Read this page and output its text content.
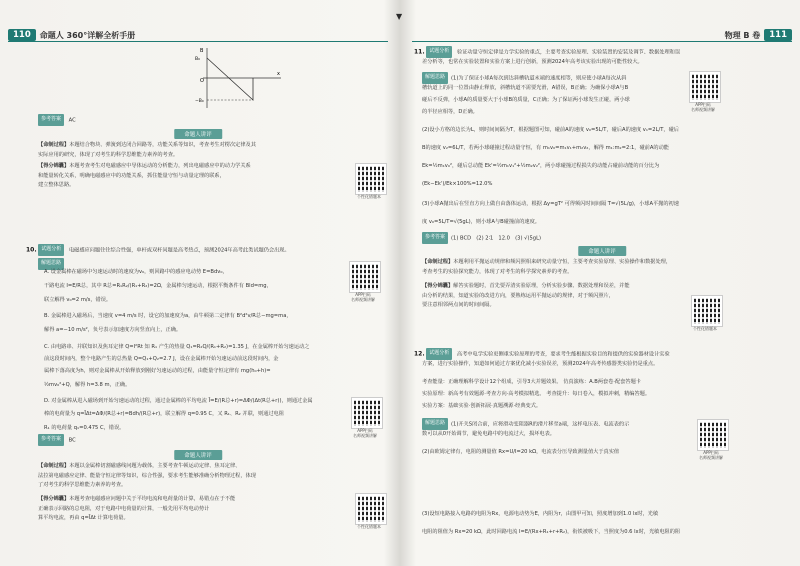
▼
110	命题人 360°详解全析手册
B
O
x
B₀
−B₀
参考答案 AC
命题人讲评
【命制过程】本题结合物块、弹簧到达闭合回路等，功能关系等知识，考查考生对楞次定律及其
实际应用的研究，体现了对考生的科学思维能力素养的考查。
【得分锦囊】本题考查考生对电磁感应中导体运动的分析能力，列出电磁感应中的动力学关系
和能量转化关系，明确电磁感应中的功能关系，抓住能量守恒与动量定理的联系，
建立整体思路。
个性化错题本
10. 试题分析 电磁感应问题往往综合性强，单杆或双杆问题是高考热点，预测2024年高考此类试题仍会出现。
解题思路
APP扫码
名师视频讲解
A. 设金属棒在磁场中匀速运动时的速度为v₀，则回路中的感应电动势 E=Bdv₀，
干路电流 I=E/R总，其中 R总=R₁R₂/(R₁+R₂)=2Ω，金属棒匀速运动，根据平衡条件有 Bld=mg，
联立解得 v₀=2 m/s，错误。
B. 金属棒进入磁场后，当速度 v=4 m/s 时，设它的加速度为a，由牛顿第二定律有 B²d²v/R总−mg=ma，
解得 a=−10 m/s²，负号表示加速度方向竖直向上，正确。
C. 由电路串、并联知识及焦耳定律 Q=I²Rt 知 R₁ 产生的热量 Q₁=R₂Q/(R₁+R₂)=1.35 J，在金属棒开始匀速运动之
前这段时间内，整个电路产生的总热量 Q=Q₁+Q₂=2.7 J，设在金属棒开始匀速运动前这段时间内，金
属棒下落高度为h，则对金属棒从开始释放到刚好匀速运动的过程，由能量守恒定律有 mg(h₀+h)=
½mv₀²+Q，解得 h=3.8 m，正确。
D. 对金属棒从进入磁场到开始匀速运动的过程，通过金属棒的平均电流 Ī=E/(R总+r)=ΔΦ/(Δt(R总+r))，则通过金属
棒的电荷量为 q=ĪΔt=ΔΦ/(R总+r)=Bdh/(R总+r)，联立解得 q=0.95 C，又 R₁、R₂ 并联，则通过电阻
R₁ 的电荷量 q₁=0.475 C，错误。	APP扫码
名师视频讲解
参考答案 BC
命题人讲评
【命制过程】本题以金属棒切割磁感线问题为载体，主要考查牛顿运动定律、焦耳定律、
法拉第电磁感应定律、能量守恒定律等知识，综合性强，要求考生能够准确分析物理过程，体现
了对考生的科学思维能力素养的考查。
【得分锦囊】本题考查电磁感应问题中关于平均电流和电荷量的计算，易错点在于不能
正确表示回路的总电阻，对于电路中电荷量的计算，一般先用平均电动势计
算平均电流，再由 q=ĪΔt 计算电荷量。
个性化错题本
物理 B 卷	111
11. 试题分析 验证动量守恒定律是力学实验的重点，主要考查实验原理、实验装置的安装及调节、数据处理和误
差分析等，也常在实验装置和实验方案上进行创新，预测2024年高考该实验出现的可能性较大。
解题思路 (1)为了保证小球A每次到达斜槽轨道末端的速度相等，则应使小球A每次从斜
槽轨道上的同一位置由静止释放，斜槽轨道不需要光滑，A错误，B正确；为确保小球A与B
碰后不反弹，小球A的质量要大于小球B的质量，C正确；为了保证两小球发生正碰，两小球
的半径应相等，D正确。
APP扫码
名师视频讲解
(2)设小方格的边长为L，则时间间隔为T，根据题图可知，碰前A的速度 v₀=5L/T，碰后A的速度 v₁=2L/T，碰后
B的速度 v₂=6L/T，若两小球碰撞过程动量守恒，有 m₁v₀=m₁v₁+m₂v₂，解得 m₁:m₂=2:1，碰前A的动能
Ek=½m₁v₀²，碰后总动能 Ek'=½m₁v₁²+½m₂v₂²，两小球碰撞过程损失的动能占碰前动能的百分比为
(Ek−Ek')/Ek×100%=12.0%
(3)小球A抛出后在竖直方向上做自由落体运动，根据 Δy=gT² 可得频闪时间间隔 T=√(5L/g)，小球A平抛的初速
度 v₀=5L/T=√(5gL)，则小球A与B碰撞前的速度。
参考答案 (1) BCD　(2) 2∶1　12.0　(3) √(5gL)
命题人讲评
【命制过程】本题利用平抛运动规律和频闪照相来研究动量守恒，主要考查实验原理、实验操作和数据处理，
考查考生的实验探究能力，体现了对考生的科学探究素养的考查。
【得分锦囊】解答实验题时，首先要弄清实验原理，分析实验步骤、数据处理和误差，并能
由分析的结果，知道实验的改进方向，要熟练运用平抛运动的规律，对于频闪照片，
要注意相邻两点间的时间间隔。
个性化错题本
12. 试题分析 高考中电学实验更侧重实验原理的考查，要求考生能根据实验目的和提供的实验器材设计实验
方案，进行实验操作，知道如何通过方案优化减小实验误差，预测2024年高考传感器类实验仍是重点。
考查能量：正确理解科学设计12个组成，引导3大并题效果。 仿真演练：A.B两套卷·配套答题卡
实验原理：新高考有效题源·考查方向·高考模拟精选。 考查提升：每日卷入，模拟冲刺，精编答题。
实验方案：基础实验·创新拓展·真题溯源·经典变式。
解题思路 (1)开关S闭合前，应将滑动变阻器R的滑片移至a端，这样电压表、电流表的示
数可以从0开始调节，避免电路中的电流过大，损坏电表。
(2)由欧姆定律有，电阻的测量值 Rx=U/I=20 kΩ，电流表分压导致测量值大于真实值	APP扫码
名师视频讲解
(3)设短电路接入电路的电阻为Rx，电源电动势为E，内阻为r，由图甲可知，照度增加到1.0 lx时，光敏
电阻的阻值为 Rx=20 kΩ，此时回路电流 I=E/(Rx+R₁+r+R₂)，衔铁被吸下，当照度为0.6 lx时，光敏电阻的阻
